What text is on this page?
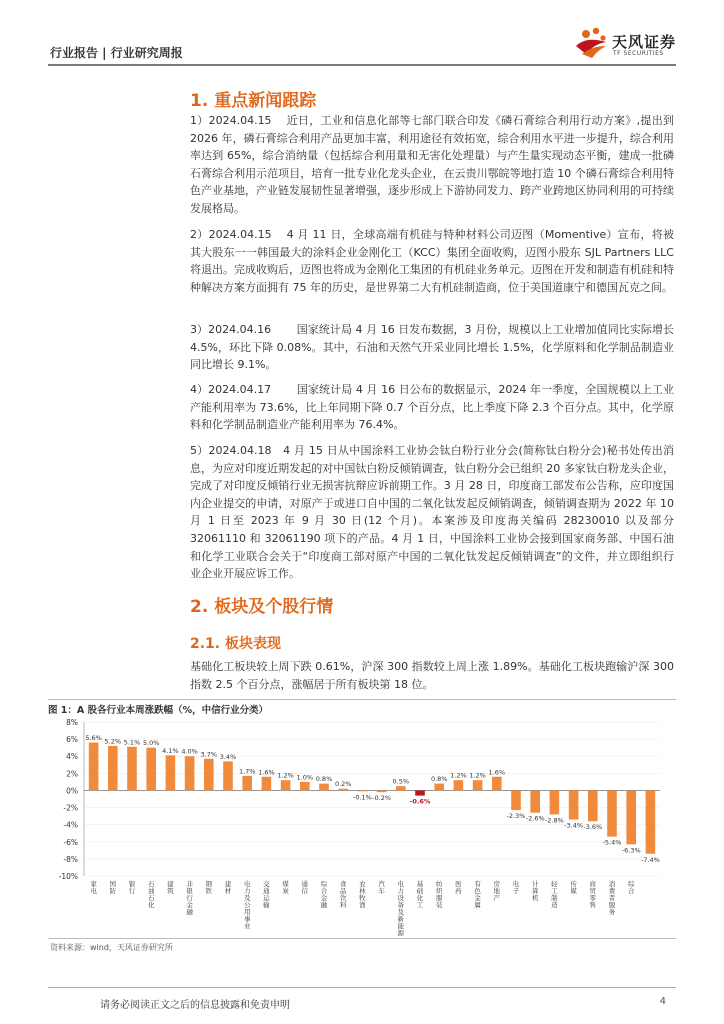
行业报告 | 行业研究周报
天风证券
TF SECURITIES
1. 重点新闻跟踪

1）2024.04.15 　近日，工业和信息化部等七部门联合印发《磷石膏综合利用行动方案》,提出到 2026 年，磷石膏综合利用产品更加丰富，利用途径有效拓宽，综合利用水平进一步提升，综合利用率达到 65%，综合消纳量（包括综合利用量和无害化处理量）与产生量实现动态平衡，建成一批磷石膏综合利用示范项目，培育一批专业化龙头企业，在云贵川鄂皖等地打造 10 个磷石膏综合利用特色产业基地，产业链发展韧性显著增强，逐步形成上下游协同发力、跨产业跨地区协同利用的可持续发展格局。

2）2024.04.15 　4 月 11 日，全球高端有机硅与特种材料公司迈图（Momentive）宣布，将被其大股东一一韩国最大的涂料企业金刚化工（KCC）集团全面收购，迈图小股东 SJL Partners LLC 将退出。完成收购后，迈图也将成为金刚化工集团的有机硅业务单元。迈图在开发和制造有机硅和特种解决方案方面拥有 75 年的历史，是世界第二大有机硅制造商，位于美国道康宁和德国瓦克之间。

3）2024.04.16 　　国家统计局 4 月 16 日发布数据，3 月份，规模以上工业增加值同比实际增长 4.5%，环比下降 0.08%。其中，石油和天然气开采业同比增长 1.5%，化学原料和化学制品制造业同比增长 9.1%。

4）2024.04.17 　　国家统计局 4 月 16 日公布的数据显示，2024 年一季度，全国规模以上工业产能利用率为 73.6%，比上年同期下降 0.7 个百分点，比上季度下降 2.3 个百分点。其中，化学原料和化学制品制造业产能利用率为 76.4%。

5）2024.04.18　4 月 15 日从中国涂料工业协会钛白粉行业分会(简称钛白粉分会)秘书处传出消息，为应对印度近期发起的对中国钛白粉反倾销调查，钛白粉分会已组织 20 多家钛白粉龙头企业，完成了对印度反倾销行业无损害抗辩应诉前期工作。3 月 28 日，印度商工部发布公告称，应印度国内企业提交的申请，对原产于或进口自中国的二氧化钛发起反倾销调查，倾销调查期为 2022 年 10 月 1 日至 2023 年 9 月 30 日(12 个月)。本案涉及印度海关编码 28230010 以及部分 32061110 和 32061190 项下的产品。4 月 1 日，中国涂料工业协会接到国家商务部、中国石油和化学工业联合会关于“印度商工部对原产中国的二氧化钛发起反倾销调查”的文件，并立即组织行业企业开展应诉工作。

2. 板块及个股行情
2.1. 板块表现

基础化工板块较上周下跌 0.61%，沪深 300 指数较上周上涨 1.89%。基础化工板块跑输沪深 300 指数 2.5 个百分点，涨幅居于所有板块第 18 位。

图 1：A 股各行业本周涨跌幅（%，中信行业分类）
8%
6%
4%
2%
0%
-2%
-4%
-6%
-8%
-10%
5.6%
家电
5.2%
国防
5.1%
银行
5.0%
石油石化
4.1%
建筑
4.0%
非银行金融
3.7%
钢铁
3.4%
建材
1.7%
电力及公用事业
1.6%
交通运输
1.2%
煤炭
1.0%
通信
0.8%
综合金融
0.2%
食品饮料
-0.1%
农林牧渔
-0.2%
汽车
0.5%
电力设备及新能源
-0.6%
基础化工
0.8%
纺织服装
1.2%
医药
1.2%
有色金属
1.6%
房地产
-2.3%
电子
-2.6%
计算机
-2.8%
轻工制造
-3.4%
传媒
-3.6%
商贸零售
-5.4%
消费者服务
-6.3%
综合
-7.4%
资料来源：wind，天风证券研究所
请务必阅读正文之后的信息披露和免责申明	4
